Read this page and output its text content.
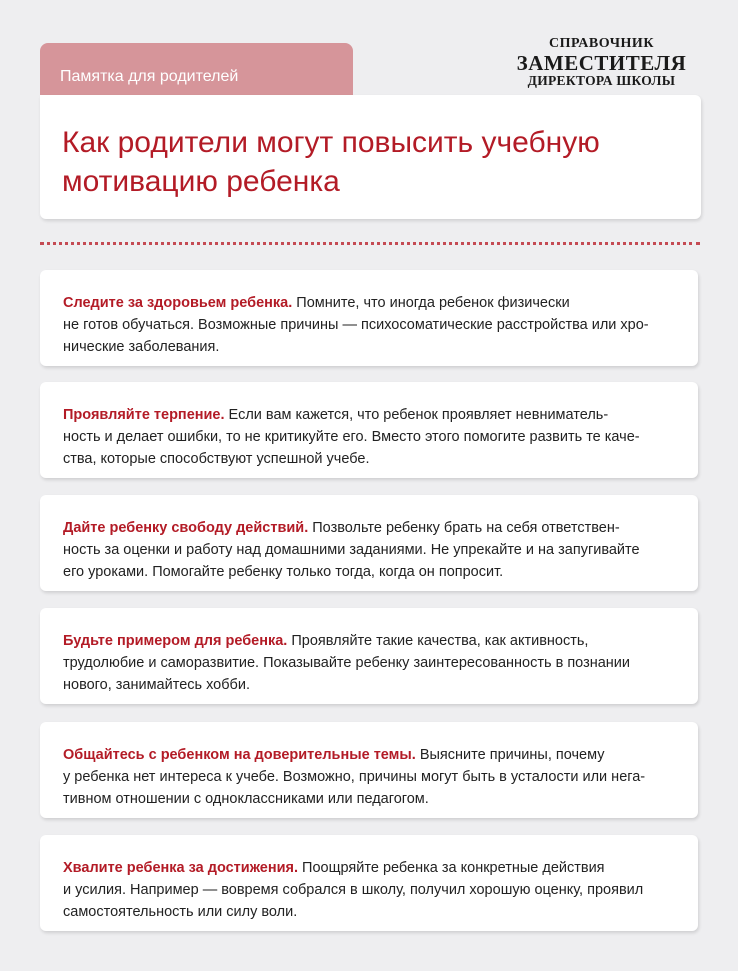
Памятка для родителей
СПРАВОЧНИК
ЗАМЕСТИТЕЛЯ
ДИРЕКТОРА ШКОЛЫ
Как родители могут повысить учебную мотивацию ребенка

Следите за здоровьем ребенка. Помните, что иногда ребенок физически
не готов обучаться. Возможные причины — психосоматические расстройства или хро-
нические заболевания.

Проявляйте терпение. Если вам кажется, что ребенок проявляет невниматель-
ность и делает ошибки, то не критикуйте его. Вместо этого помогите развить те каче-
ства, которые способствуют успешной учебе.

Дайте ребенку свободу действий. Позвольте ребенку брать на себя ответствен-
ность за оценки и работу над домашними заданиями. Не упрекайте и на запугивайте
его уроками. Помогайте ребенку только тогда, когда он попросит.

Будьте примером для ребенка. Проявляйте такие качества, как активность,
трудолюбие и саморазвитие. Показывайте ребенку заинтересованность в познании
нового, занимайтесь хобби.

Общайтесь с ребенком на доверительные темы. Выясните причины, почему
у ребенка нет интереса к учебе. Возможно, причины могут быть в усталости или нега-
тивном отношении с одноклассниками или педагогом.

Хвалите ребенка за достижения. Поощряйте ребенка за конкретные действия
и усилия. Например — вовремя собрался в школу, получил хорошую оценку, проявил
самостоятельность или силу воли.
